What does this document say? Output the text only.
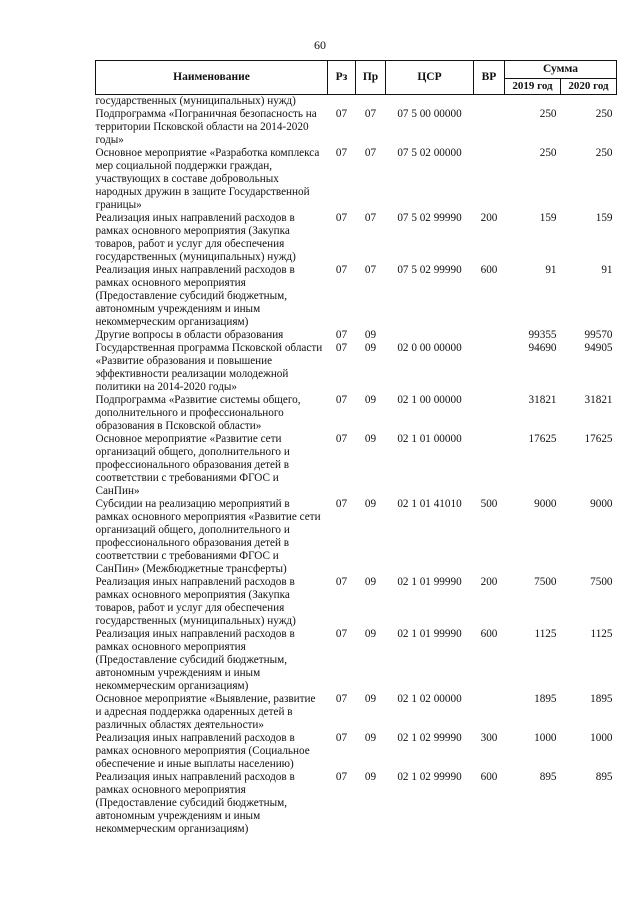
60
Наименование	Рз	Пр	ЦСР	ВР	Сумма	
					2019 год	2020 год
государственных (муниципальных) нужд)						
Подпрограмма «Пограничная безопасность на территории Псковской области на 2014-2020 годы»	07	07	07 5 00 00000		250	250
Основное мероприятие «Разработка комплекса мер социальной поддержки граждан, участвующих в составе добровольных народных дружин в защите Государственной границы»	07	07	07 5 02 00000		250	250
Реализация иных направлений расходов в рамках основного мероприятия (Закупка товаров, работ и услуг для обеспечения государственных (муниципальных) нужд)	07	07	07 5 02 99990	200	159	159
Реализация иных направлений расходов в рамках основного мероприятия (Предоставление субсидий бюджетным, автономным учреждениям и иным некоммерческим организациям)	07	07	07 5 02 99990	600	91	91
Другие вопросы в области образования	07	09			99355	99570
Государственная программа Псковской области «Развитие образования и повышение эффективности реализации молодежной политики на 2014-2020 годы»	07	09	02 0 00 00000		94690	94905
Подпрограмма «Развитие системы общего, дополнительного и профессионального образования в Псковской области»	07	09	02 1 00 00000		31821	31821
Основное мероприятие «Развитие сети организаций общего, дополнительного и профессионального образования детей в соответствии с требованиями ФГОС и СанПин»	07	09	02 1 01 00000		17625	17625
Субсидии на реализацию мероприятий в рамках основного мероприятия «Развитие сети организаций общего, дополнительного и профессионального образования детей в соответствии с требованиями ФГОС и СанПин» (Межбюджетные трансферты)	07	09	02 1 01 41010	500	9000	9000
Реализация иных направлений расходов в рамках основного мероприятия (Закупка товаров, работ и услуг для обеспечения государственных (муниципальных) нужд)	07	09	02 1 01 99990	200	7500	7500
Реализация иных направлений расходов в рамках основного мероприятия (Предоставление субсидий бюджетным, автономным учреждениям и иным некоммерческим организациям)	07	09	02 1 01 99990	600	1125	1125
Основное мероприятие «Выявление, развитие и адресная поддержка одаренных детей в различных областях деятельности»	07	09	02 1 02 00000		1895	1895
Реализация иных направлений расходов в рамках основного мероприятия (Социальное обеспечение и иные выплаты населению)	07	09	02 1 02 99990	300	1000	1000
Реализация иных направлений расходов в рамках основного мероприятия (Предоставление субсидий бюджетным, автономным учреждениям и иным некоммерческим организациям)	07	09	02 1 02 99990	600	895	895
